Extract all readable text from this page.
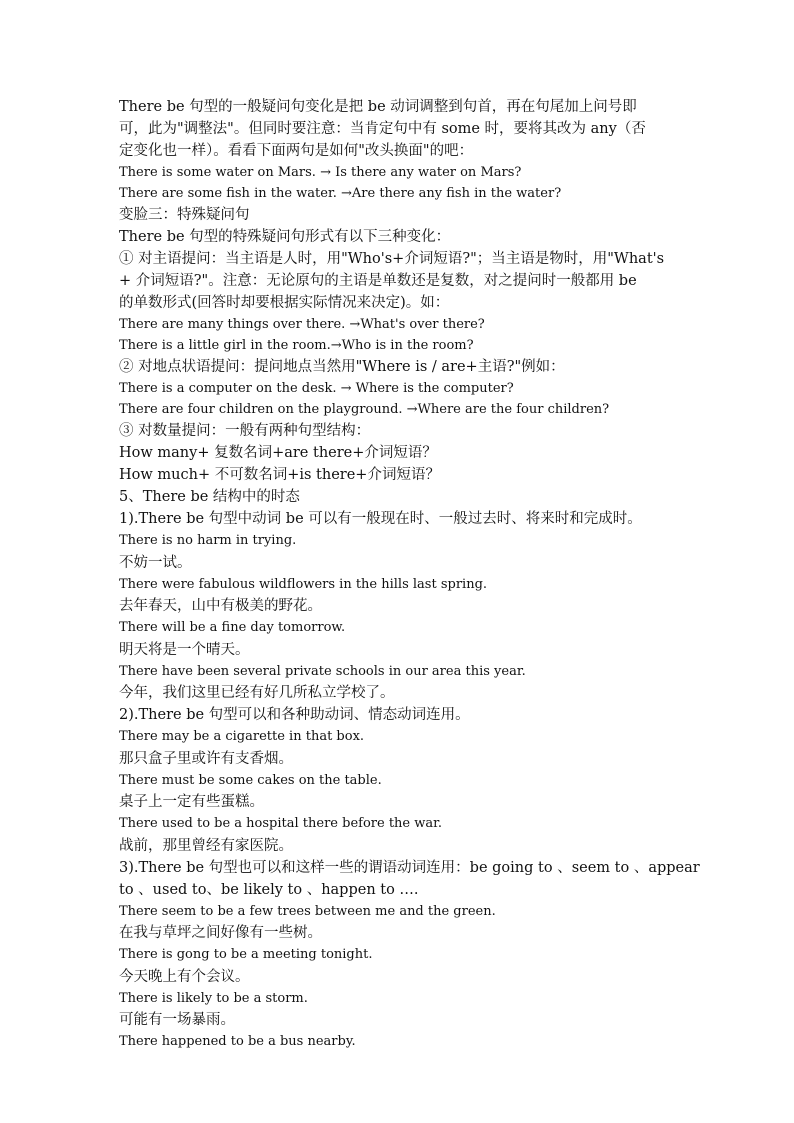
There be 句型的一般疑问句变化是把 be 动词调整到句首，再在句尾加上问号即
可，此为"调整法"。但同时要注意：当肯定句中有 some 时，要将其改为 any（否
定变化也一样）。看看下面两句是如何"改头换面"的吧：
There is some water on Mars. → Is there any water on Mars?
There are some fish in the water. →Are there any fish in the water?
变脸三：特殊疑问句
There be 句型的特殊疑问句形式有以下三种变化：
① 对主语提问：当主语是人时，用"Who's+介词短语?"；当主语是物时，用"What's
+ 介词短语?"。注意：无论原句的主语是单数还是复数，对之提问时一般都用 be
的单数形式(回答时却要根据实际情况来决定)。如：
There are many things over there. →What's over there?
There is a little girl in the room.→Who is in the room?
② 对地点状语提问：提问地点当然用"Where is / are+主语?"例如：
There is a computer on the desk. → Where is the computer?
There are four children on the playground. →Where are the four children?
③ 对数量提问：一般有两种句型结构：
How many+ 复数名词+are there+介词短语？
How much+ 不可数名词+is there+介词短语？
5、There be 结构中的时态
1).There be 句型中动词 be 可以有一般现在时、一般过去时、将来时和完成时。
There is no harm in trying.
不妨一试。
There were fabulous wildflowers in the hills last spring.
去年春天，山中有极美的野花。
There will be a fine day tomorrow.
明天将是一个晴天。
There have been several private schools in our area this year.
今年，我们这里已经有好几所私立学校了。
2).There be 句型可以和各种助动词、情态动词连用。
There may be a cigarette in that box.
那只盒子里或许有支香烟。
There must be some cakes on the table.
桌子上一定有些蛋糕。
There used to be a hospital there before the war.
战前，那里曾经有家医院。
3).There be 句型也可以和这样一些的谓语动词连用：be going to 、seem to 、appear
to 、used to、be likely to 、happen to ….
There seem to be a few trees between me and the green.
在我与草坪之间好像有一些树。
There is gong to be a meeting tonight.
今天晚上有个会议。
There is likely to be a storm.
可能有一场暴雨。
There happened to be a bus nearby.
